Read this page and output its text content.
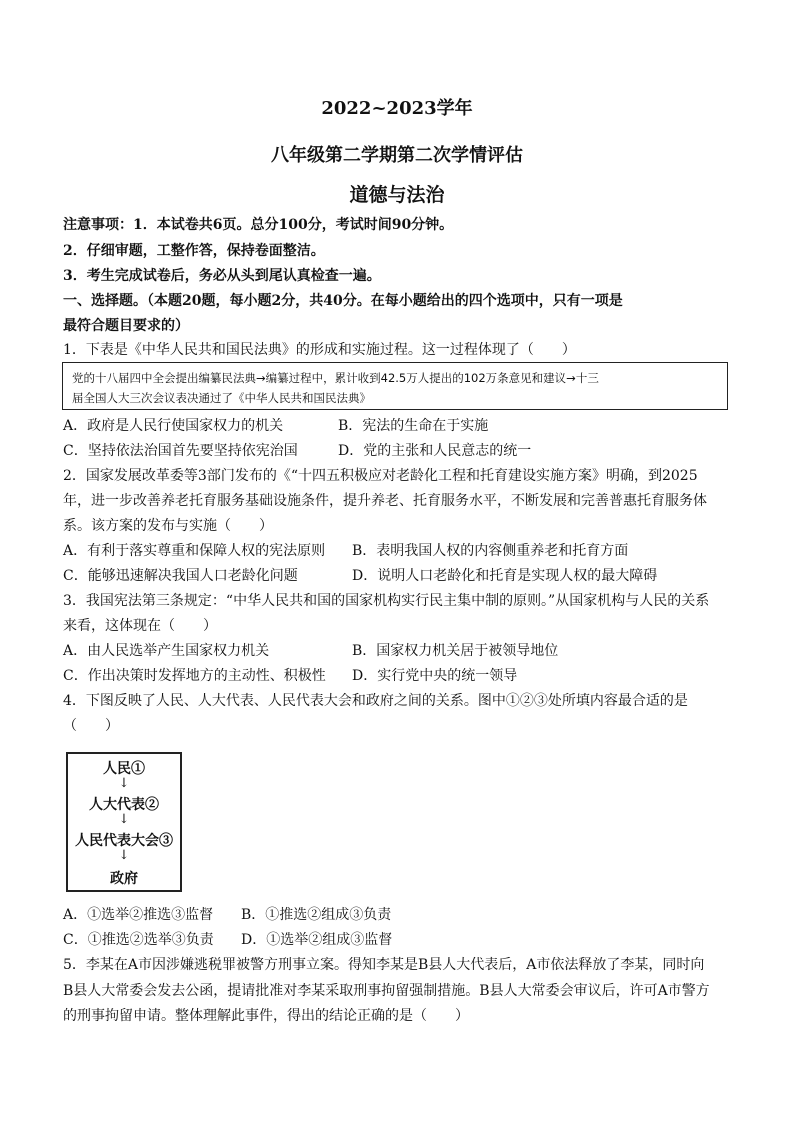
2022~2023学年
八年级第二学期第二次学情评估
道德与法治
注意事项：1．本试卷共6页。总分100分，考试时间90分钟。
2．仔细审题，工整作答，保持卷面整洁。
3．考生完成试卷后，务必从头到尾认真检查一遍。
一、选择题。（本题20题，每小题2分，共40分。在每小题给出的四个选项中，只有一项是
最符合题目要求的）
1．下表是《中华人民共和国民法典》的形成和实施过程。这一过程体现了（　　）
党的十八届四中全会提出编纂民法典→编纂过程中，累计收到42.5万人提出的102万条意见和建议→十三
届全国人大三次会议表决通过了《中华人民共和国民法典》
A．政府是人民行使国家权力的机关	B．宪法的生命在于实施
C．坚持依法治国首先要坚持依宪治国	D．党的主张和人民意志的统一
2．国家发展改革委等3部门发布的《“十四五积极应对老龄化工程和托育建设实施方案》明确，到2025
年，进一步改善养老托育服务基础设施条件，提升养老、托育服务水平，不断发展和完善普惠托育服务体
系。该方案的发布与实施（　　）
A．有利于落实尊重和保障人权的宪法原则 B．表明我国人权的内容侧重养老和托育方面
C．能够迅速解决我国人口老龄化问题	D．说明人口老龄化和托育是实现人权的最大障碍
3．我国宪法第三条规定：“中华人民共和国的国家机构实行民主集中制的原则。”从国家机构与人民的关系
来看，这体现在（　　）
A．由人民选举产生国家权力机关	B．国家权力机关居于被领导地位
C．作出决策时发挥地方的主动性、积极性 D．实行党中央的统一领导
4．下图反映了人民、人大代表、人民代表大会和政府之间的关系。图中①②③处所填内容最合适的是
（　　）
人民①
↓
人大代表②
↓
人民代表大会③
↓
政府
A．①选举②推选③监督 B．①推选②组成③负责
C．①推选②选举③负责 D．①选举②组成③监督
5．李某在A市因涉嫌逃税罪被警方刑事立案。得知李某是B县人大代表后，A市依法释放了李某，同时向
B县人大常委会发去公函，提请批准对李某采取刑事拘留强制措施。B县人大常委会审议后，许可A市警方
的刑事拘留申请。整体理解此事件，得出的结论正确的是（　　）
